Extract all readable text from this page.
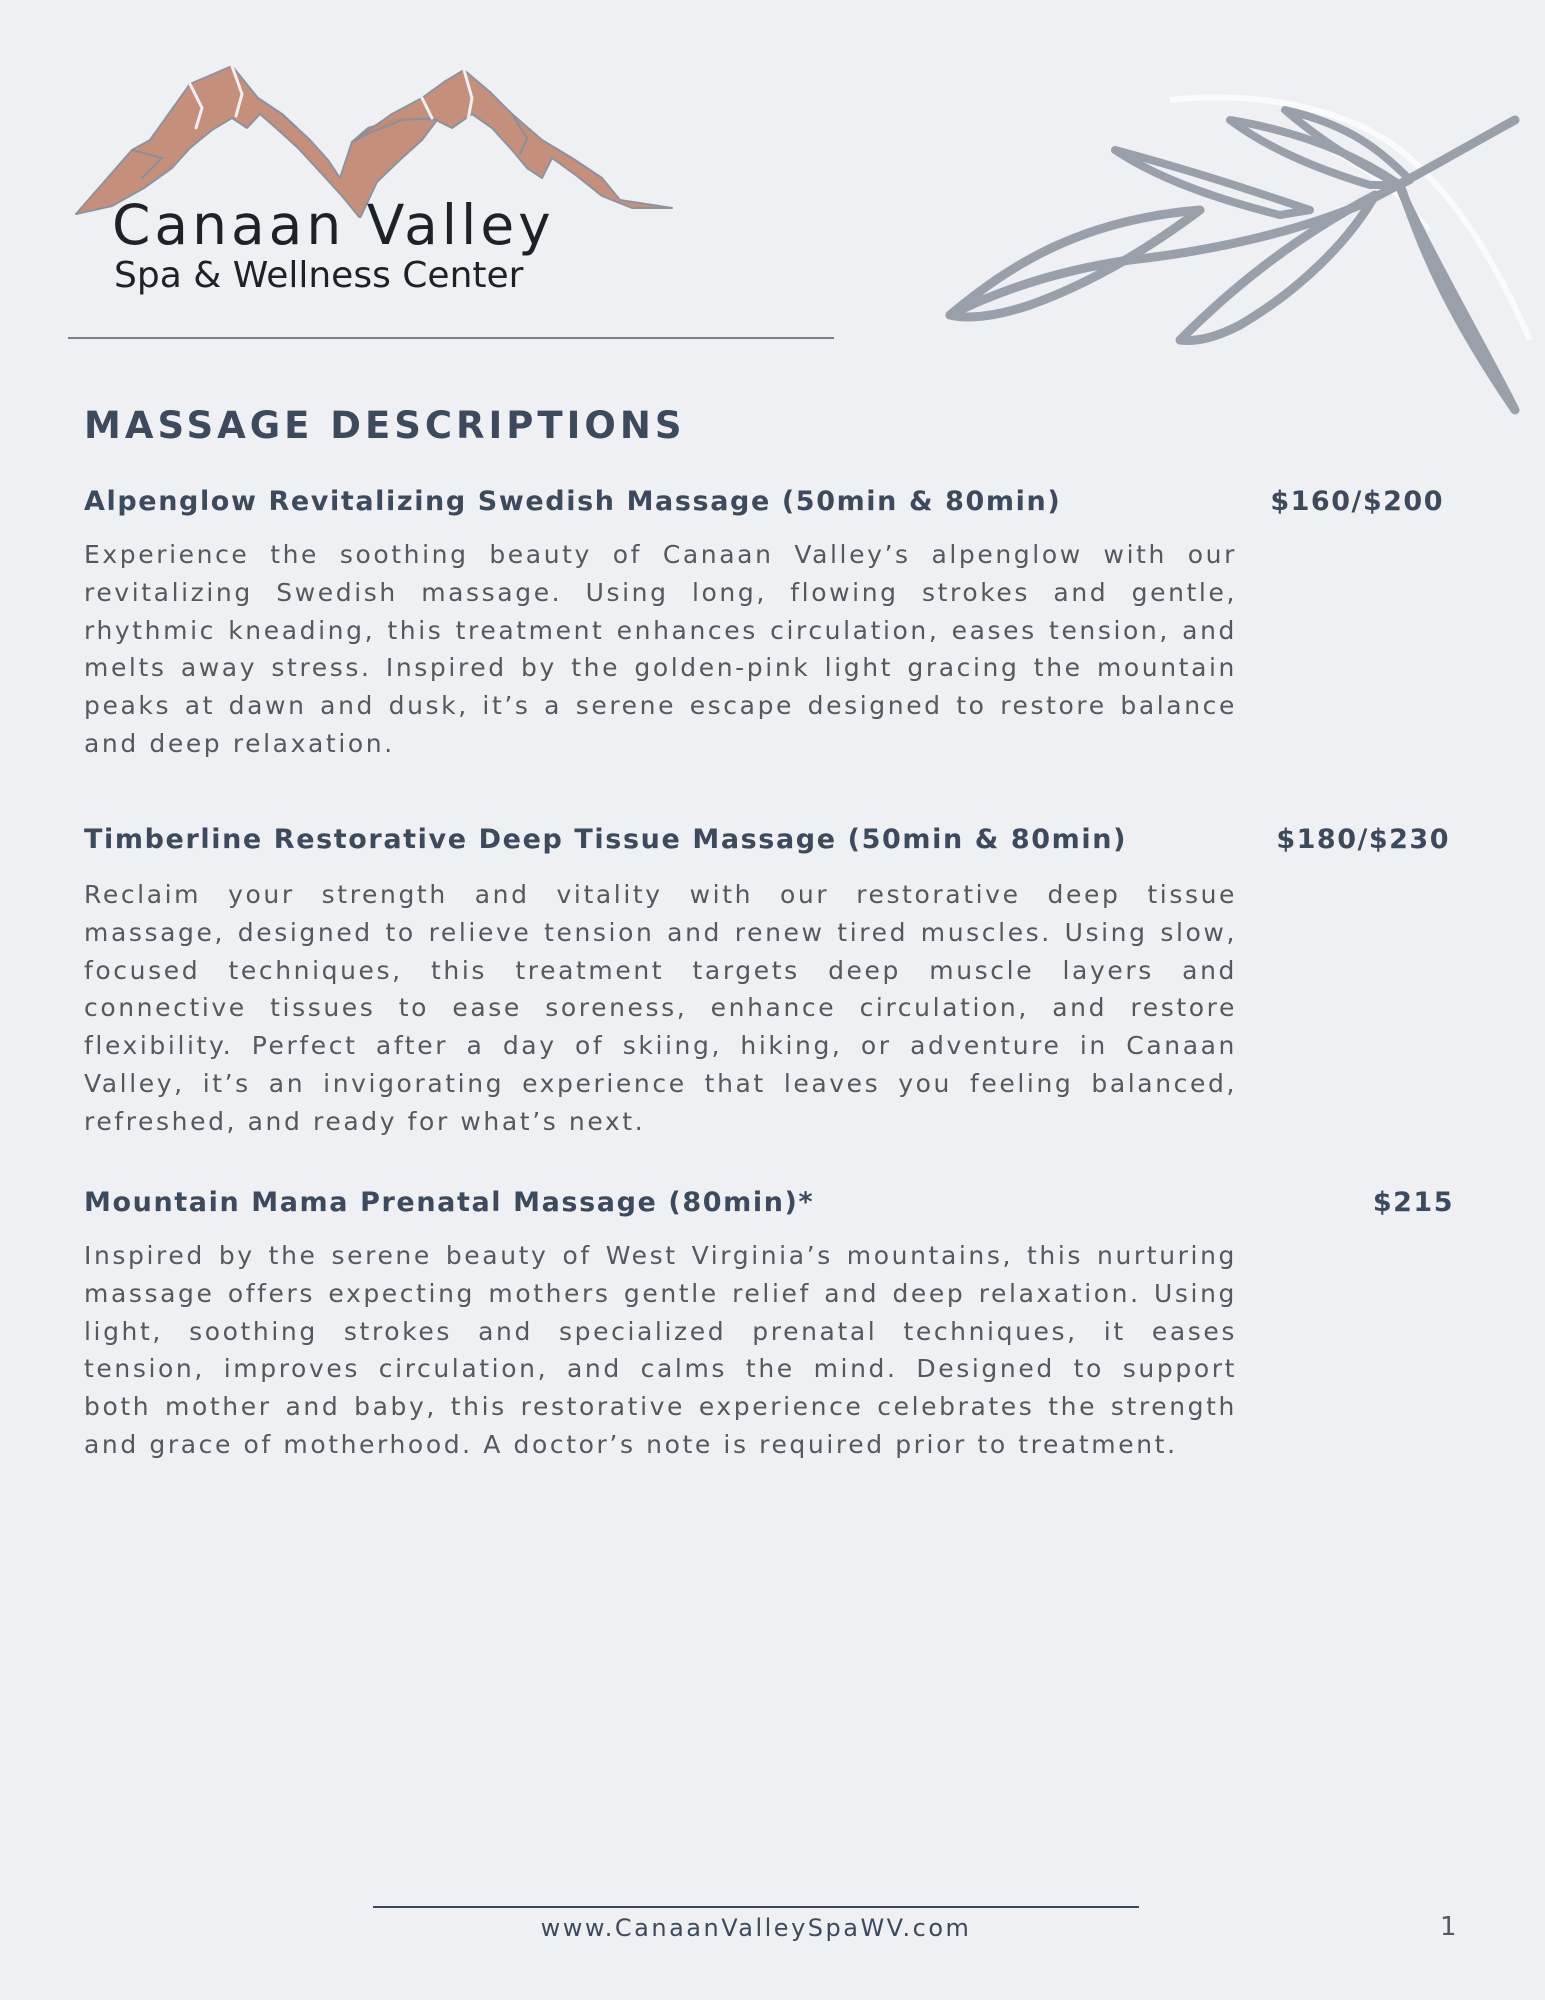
Canaan Valley
Spa & Wellness Center
MASSAGE DESCRIPTIONS
Alpenglow Revitalizing Swedish Massage (50min & 80min)	$160/$200

Experience the soothing beauty of Canaan Valley’s alpenglow with our revitalizing Swedish massage. Using long, flowing strokes and gentle, rhythmic kneading, this treatment enhances circulation, eases tension, and melts away stress. Inspired by the golden-pink light gracing the mountain peaks at dawn and dusk, it’s a serene escape designed to restore balance and deep relaxation.

Timberline Restorative Deep Tissue Massage (50min & 80min)	$180/$230

Reclaim your strength and vitality with our restorative deep tissue massage, designed to relieve tension and renew tired muscles. Using slow, focused techniques, this treatment targets deep muscle layers and connective tissues to ease soreness, enhance circulation, and restore flexibility. Perfect after a day of skiing, hiking, or adventure in Canaan Valley, it’s an invigorating experience that leaves you feeling balanced, refreshed, and ready for what’s next.

Mountain Mama Prenatal Massage (80min)*	$215

Inspired by the serene beauty of West Virginia’s mountains, this nurturing massage offers expecting mothers gentle relief and deep relaxation. Using light, soothing strokes and specialized prenatal techniques, it eases tension, improves circulation, and calms the mind. Designed to support both mother and baby, this restorative experience celebrates the strength and grace of motherhood. A doctor’s note is required prior to treatment.

www.CanaanValleySpaWV.com	1
